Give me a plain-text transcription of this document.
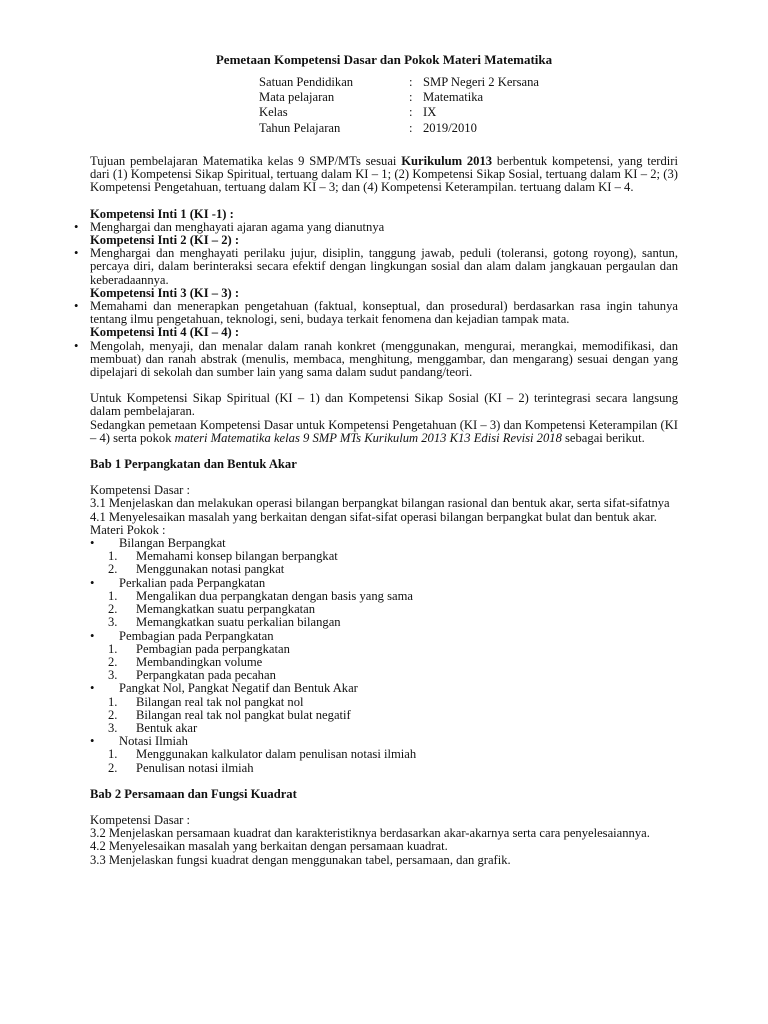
Pemetaan Kompetensi Dasar dan Pokok Materi Matematika
Satuan Pendidikan	: SMP Negeri 2 Kersana
Mata pelajaran	: Matematika
Kelas	: IX
Tahun Pelajaran	: 2019/2010

Tujuan pembelajaran Matematika kelas 9 SMP/MTs sesuai Kurikulum 2013 berbentuk kompetensi, yang terdiri dari (1) Kompetensi Sikap Spiritual, tertuang dalam KI – 1; (2) Kompetensi Sikap Sosial, tertuang dalam KI – 2; (3) Kompetensi Pengetahuan, tertuang dalam KI – 3; dan (4) Kompetensi Keterampilan. tertuang dalam KI – 4.

Kompetensi Inti 1 (KI -1) :

• Menghargai dan menghayati ajaran agama yang dianutnya

Kompetensi Inti 2 (KI – 2) :

• Menghargai dan menghayati perilaku jujur, disiplin, tanggung jawab, peduli (toleransi, gotong royong), santun, percaya diri, dalam berinteraksi secara efektif dengan lingkungan sosial dan alam dalam jangkauan pergaulan dan keberadaannya.

Kompetensi Inti 3 (KI – 3) :

• Memahami dan menerapkan pengetahuan (faktual, konseptual, dan prosedural) berdasarkan rasa ingin tahunya tentang ilmu pengetahuan, teknologi, seni, budaya terkait fenomena dan kejadian tampak mata.

Kompetensi Inti 4 (KI – 4) :

• Mengolah, menyaji, dan menalar dalam ranah konkret (menggunakan, mengurai, merangkai, memodifikasi, dan membuat) dan ranah abstrak (menulis, membaca, menghitung, menggambar, dan mengarang) sesuai dengan yang dipelajari di sekolah dan sumber lain yang sama dalam sudut pandang/teori.

Untuk Kompetensi Sikap Spiritual (KI – 1) dan Kompetensi Sikap Sosial (KI – 2) terintegrasi secara langsung dalam pembelajaran.

Sedangkan pemetaan Kompetensi Dasar untuk Kompetensi Pengetahuan (KI – 3) dan Kompetensi Keterampilan (KI – 4) serta pokok materi Matematika kelas 9 SMP MTs Kurikulum 2013 K13 Edisi Revisi 2018 sebagai berikut.

Bab 1 Perpangkatan dan Bentuk Akar

Kompetensi Dasar :

3.1 Menjelaskan dan melakukan operasi bilangan berpangkat bilangan rasional dan bentuk akar, serta sifat-sifatnya

4.1 Menyelesaikan masalah yang berkaitan dengan sifat-sifat operasi bilangan berpangkat bulat dan bentuk akar.

Materi Pokok :

• Bilangan Berpangkat
1. Memahami konsep bilangan berpangkat
2. Menggunakan notasi pangkat
• Perkalian pada Perpangkatan
1. Mengalikan dua perpangkatan dengan basis yang sama
2. Memangkatkan suatu perpangkatan
3. Memangkatkan suatu perkalian bilangan
• Pembagian pada Perpangkatan
1. Pembagian pada perpangkatan
2. Membandingkan volume
3. Perpangkatan pada pecahan
• Pangkat Nol, Pangkat Negatif dan Bentuk Akar
1. Bilangan real tak nol pangkat nol
2. Bilangan real tak nol pangkat bulat negatif
3. Bentuk akar
• Notasi Ilmiah
1. Menggunakan kalkulator dalam penulisan notasi ilmiah
2. Penulisan notasi ilmiah

Bab 2 Persamaan dan Fungsi Kuadrat

Kompetensi Dasar :

3.2 Menjelaskan persamaan kuadrat dan karakteristiknya berdasarkan akar-akarnya serta cara penyelesaiannya.

4.2 Menyelesaikan masalah yang berkaitan dengan persamaan kuadrat.

3.3 Menjelaskan fungsi kuadrat dengan menggunakan tabel, persamaan, dan grafik.
